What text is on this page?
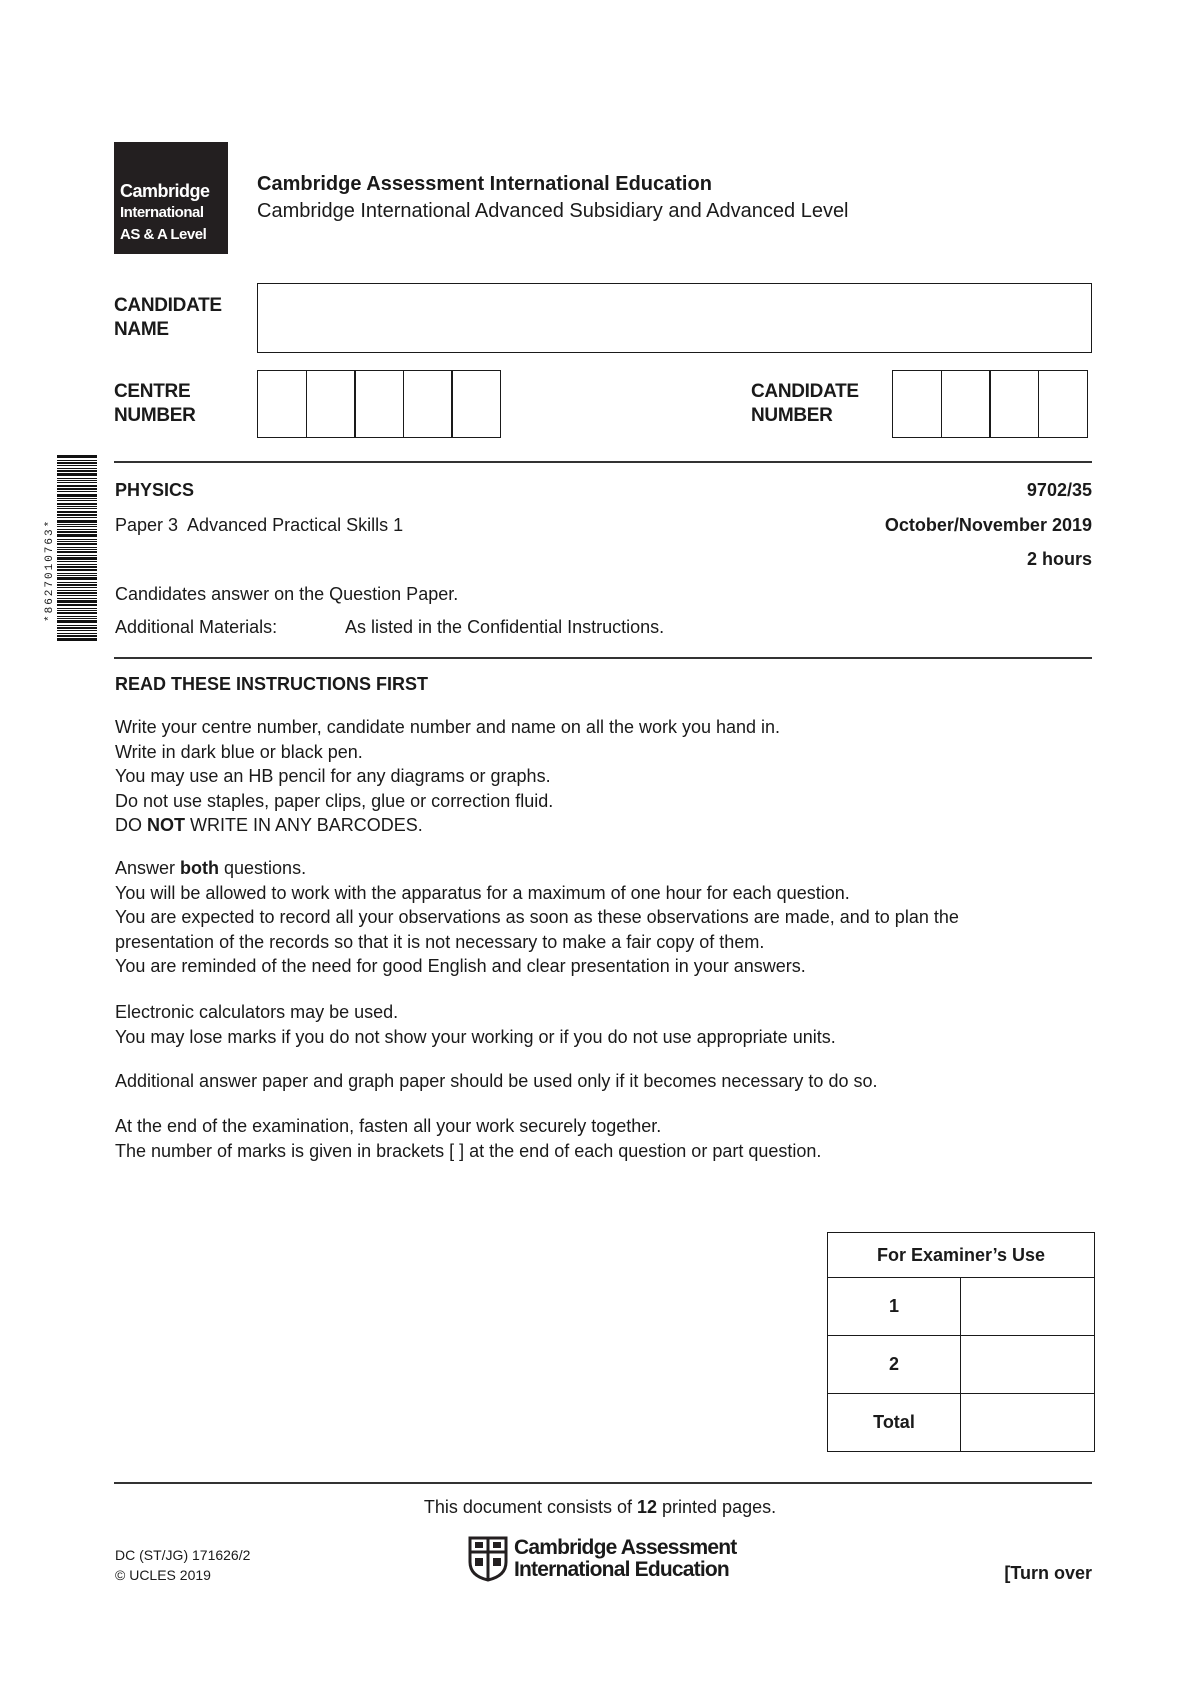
Cambridge
International
AS & A Level
Cambridge Assessment International Education
Cambridge International Advanced Subsidiary and Advanced Level
CANDIDATE
NAME
CENTRE
NUMBER
CANDIDATE
NUMBER
*8627010763*
PHYSICS	9702/35
Paper 3  Advanced Practical Skills 1	October/November 2019
2 hours
Candidates answer on the Question Paper.
Additional Materials:	As listed in the Confidential Instructions.
READ THESE INSTRUCTIONS FIRST
Write your centre number, candidate number and name on all the work you hand in.
Write in dark blue or black pen.
You may use an HB pencil for any diagrams or graphs.
Do not use staples, paper clips, glue or correction fluid.
DO NOT WRITE IN ANY BARCODES.
Answer both questions.
You will be allowed to work with the apparatus for a maximum of one hour for each question.
You are expected to record all your observations as soon as these observations are made, and to plan the
presentation of the records so that it is not necessary to make a fair copy of them.
You are reminded of the need for good English and clear presentation in your answers.
Electronic calculators may be used.
You may lose marks if you do not show your working or if you do not use appropriate units.
Additional answer paper and graph paper should be used only if it becomes necessary to do so.
At the end of the examination, fasten all your work securely together.
The number of marks is given in brackets [ ] at the end of each question or part question.
For Examiner’s Use	
1	
2	
Total	
This document consists of 12 printed pages.
DC (ST/JG) 171626/2
© UCLES 2019
Cambridge Assessment
International Education	[Turn over
